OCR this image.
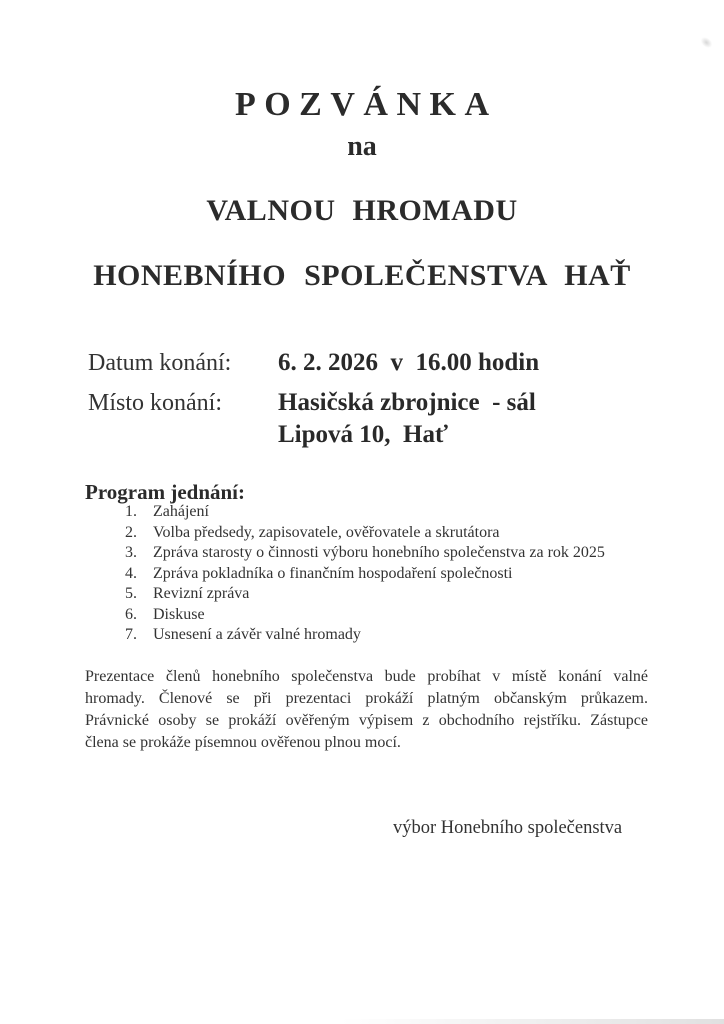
POZVÁNKA
na
VALNOU HROMADU
HONEBNÍHO SPOLEČENSTVA HAŤ
Datum konání: 6. 2. 2026  v  16.00 hodin
Místo konání: Hasičská zbrojnice  - sál
Lipová 10,  Hať
Program jednání:
1.	Zahájení
2.	Volba předsedy, zapisovatele, ověřovatele a skrutátora
3.	Zpráva starosty o činnosti výboru honebního společenstva za rok 2025
4.	Zpráva pokladníka o finančním hospodaření společnosti
5.	Revizní zpráva
6.	Diskuse
7.	Usnesení a závěr valné hromady
Prezentace členů honebního společenstva bude probíhat v místě konání valné
hromady. Členové se při prezentaci prokáží platným občanským průkazem.
Právnické osoby se prokáží ověřeným výpisem z obchodního rejstříku. Zástupce
člena se prokáže písemnou ověřenou plnou mocí.
výbor Honebního společenstva
